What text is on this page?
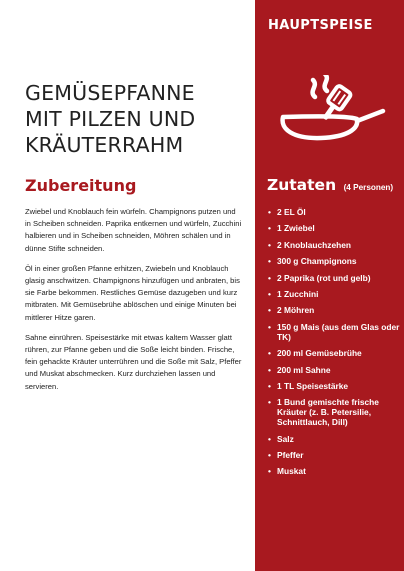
GEMÜSEPFANNE
MIT PILZEN UND
KRÄUTERRAHM
Zubereitung

Zwiebel und Knoblauch fein würfeln. Champignons putzen und in Scheiben schneiden. Paprika entkernen und würfeln, Zucchini halbieren und in Scheiben schneiden, Möhren schälen und in dünne Stifte schneiden.

Öl in einer großen Pfanne erhitzen, Zwiebeln und Knoblauch glasig anschwitzen. Champignons hinzufügen und anbraten, bis sie Farbe bekommen. Restliches Gemüse dazugeben und kurz mitbraten. Mit Gemüsebrühe ablöschen und einige Minuten bei mittlerer Hitze garen.

Sahne einrühren. Speisestärke mit etwas kaltem Wasser glatt rühren, zur Pfanne geben und die Soße leicht binden. Frische, fein gehackte Kräuter unterrühren und die Soße mit Salz, Pfeffer und Muskat abschmecken. Kurz durchziehen lassen und servieren.

HAUPTSPEISE
Zutaten (4 Personen)
• 2 EL Öl
• 1 Zwiebel
• 2 Knoblauchzehen
• 300 g Champignons
• 2 Paprika (rot und gelb)
• 1 Zucchini
• 2 Möhren
• 150 g Mais (aus dem Glas oder TK)
• 200 ml Gemüsebrühe
• 200 ml Sahne
• 1 TL Speisestärke
• 1 Bund gemischte frische Kräuter (z. B. Petersilie, Schnittlauch, Dill)
• Salz
• Pfeffer
• Muskat
